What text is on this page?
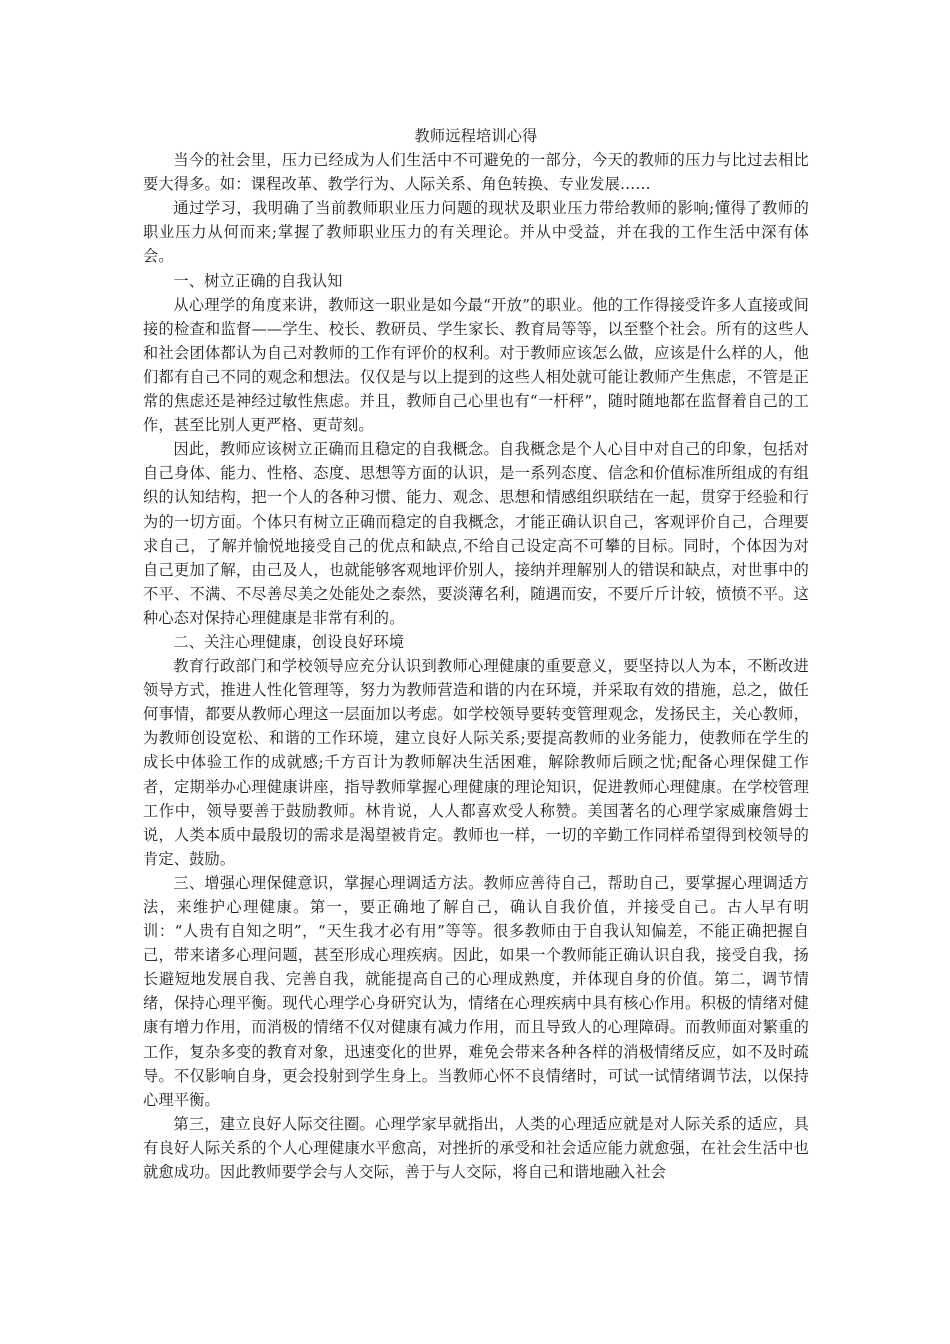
教师远程培训心得

当今的社会里，压力已经成为人们生活中不可避免的一部分，今天的教师的压力与比过去相比要大得多。如：课程改革、教学行为、人际关系、角色转换、专业发展……

通过学习，我明确了当前教师职业压力问题的现状及职业压力带给教师的影响;懂得了教师的职业压力从何而来;掌握了教师职业压力的有关理论。并从中受益，并在我的工作生活中深有体会。

一、树立正确的自我认知

从心理学的角度来讲，教师这一职业是如今最“开放”的职业。他的工作得接受许多人直接或间接的检查和监督——学生、校长、教研员、学生家长、教育局等等，以至整个社会。所有的这些人和社会团体都认为自己对教师的工作有评价的权利。对于教师应该怎么做，应该是什么样的人，他们都有自己不同的观念和想法。仅仅是与以上提到的这些人相处就可能让教师产生焦虑，不管是正常的焦虑还是神经过敏性焦虑。并且，教师自己心里也有“一杆秤”，随时随地都在监督着自己的工作，甚至比别人更严格、更苛刻。

因此，教师应该树立正确而且稳定的自我概念。自我概念是个人心目中对自己的印象，包括对自己身体、能力、性格、态度、思想等方面的认识，是一系列态度、信念和价值标准所组成的有组织的认知结构，把一个人的各种习惯、能力、观念、思想和情感组织联结在一起，贯穿于经验和行为的一切方面。个体只有树立正确而稳定的自我概念，才能正确认识自己，客观评价自己，合理要求自己，了解并愉悦地接受自己的优点和缺点,不给自己设定高不可攀的目标。同时，个体因为对自己更加了解，由己及人，也就能够客观地评价别人，接纳并理解别人的错误和缺点，对世事中的不平、不满、不尽善尽美之处能处之泰然，要淡薄名利，随遇而安，不要斤斤计较，愤愤不平。这种心态对保持心理健康是非常有利的。

二、关注心理健康，创设良好环境

教育行政部门和学校领导应充分认识到教师心理健康的重要意义，要坚持以人为本，不断改进领导方式，推进人性化管理等，努力为教师营造和谐的内在环境，并采取有效的措施，总之，做任何事情，都要从教师心理这一层面加以考虑。如学校领导要转变管理观念，发扬民主，关心教师，为教师创设宽松、和谐的工作环境，建立良好人际关系;要提高教师的业务能力，使教师在学生的成长中体验工作的成就感;千方百计为教师解决生活困难，解除教师后顾之忧;配备心理保健工作者，定期举办心理健康讲座，指导教师掌握心理健康的理论知识，促进教师心理健康。在学校管理工作中，领导要善于鼓励教师。林肯说，人人都喜欢受人称赞。美国著名的心理学家威廉詹姆士说，人类本质中最殷切的需求是渴望被肯定。教师也一样，一切的辛勤工作同样希望得到校领导的肯定、鼓励。

三、增强心理保健意识，掌握心理调适方法。教师应善待自己，帮助自己，要掌握心理调适方法，来维护心理健康。第一，要正确地了解自己，确认自我价值，并接受自己。古人早有明训：“人贵有自知之明”，“天生我才必有用”等等。很多教师由于自我认知偏差，不能正确把握自己，带来诸多心理问题，甚至形成心理疾病。因此，如果一个教师能正确认识自我，接受自我，扬长避短地发展自我、完善自我，就能提高自己的心理成熟度，并体现自身的价值。第二，调节情绪，保持心理平衡。现代心理学心身研究认为，情绪在心理疾病中具有核心作用。积极的情绪对健康有增力作用，而消极的情绪不仅对健康有减力作用，而且导致人的心理障碍。而教师面对繁重的工作，复杂多变的教育对象，迅速变化的世界，难免会带来各种各样的消极情绪反应，如不及时疏导。不仅影响自身，更会投射到学生身上。当教师心怀不良情绪时，可试一试情绪调节法，以保持心理平衡。

第三，建立良好人际交往圈。心理学家早就指出，人类的心理适应就是对人际关系的适应，具有良好人际关系的个人心理健康水平愈高，对挫折的承受和社会适应能力就愈强，在社会生活中也就愈成功。因此教师要学会与人交际，善于与人交际，将自己和谐地融入社会
